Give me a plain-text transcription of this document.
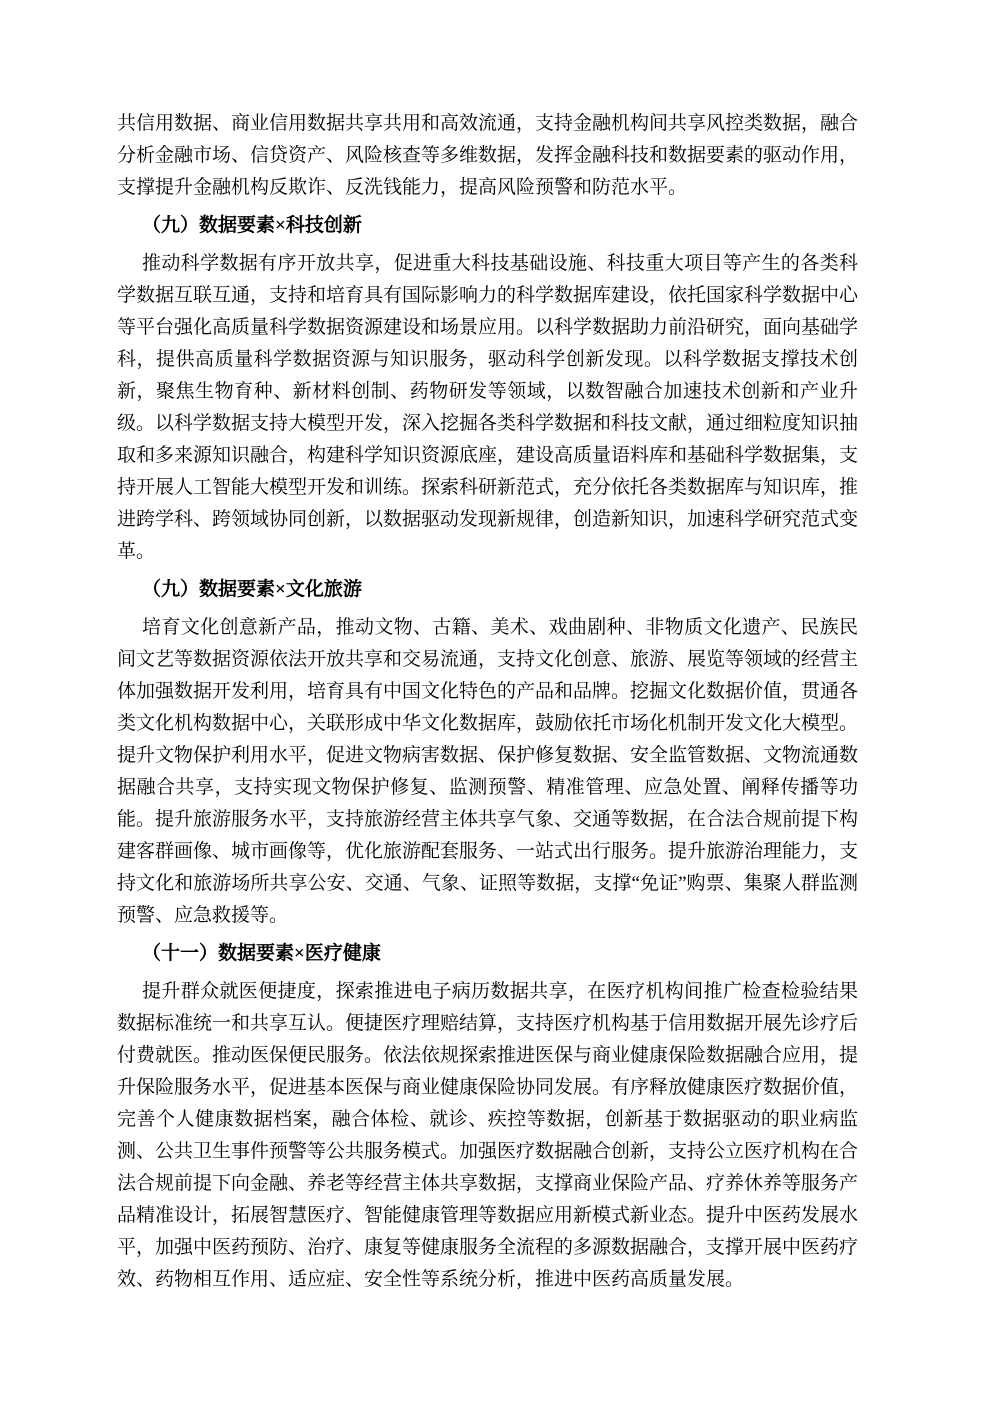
共信用数据、商业信用数据共享共用和高效流通，支持金融机构间共享风控类数据，融合分析金融市场、信贷资产、风险核查等多维数据，发挥金融科技和数据要素的驱动作用，支撑提升金融机构反欺诈、反洗钱能力，提高风险预警和防范水平。

（九）数据要素×科技创新

推动科学数据有序开放共享，促进重大科技基础设施、科技重大项目等产生的各类科学数据互联互通，支持和培育具有国际影响力的科学数据库建设，依托国家科学数据中心等平台强化高质量科学数据资源建设和场景应用。以科学数据助力前沿研究，面向基础学科，提供高质量科学数据资源与知识服务，驱动科学创新发现。以科学数据支撑技术创新，聚焦生物育种、新材料创制、药物研发等领域，以数智融合加速技术创新和产业升级。以科学数据支持大模型开发，深入挖掘各类科学数据和科技文献，通过细粒度知识抽取和多来源知识融合，构建科学知识资源底座，建设高质量语料库和基础科学数据集，支持开展人工智能大模型开发和训练。探索科研新范式，充分依托各类数据库与知识库，推进跨学科、跨领域协同创新，以数据驱动发现新规律，创造新知识，加速科学研究范式变革。

（九）数据要素×文化旅游

培育文化创意新产品，推动文物、古籍、美术、戏曲剧种、非物质文化遗产、民族民间文艺等数据资源依法开放共享和交易流通，支持文化创意、旅游、展览等领域的经营主体加强数据开发利用，培育具有中国文化特色的产品和品牌。挖掘文化数据价值，贯通各类文化机构数据中心，关联形成中华文化数据库，鼓励依托市场化机制开发文化大模型。提升文物保护利用水平，促进文物病害数据、保护修复数据、安全监管数据、文物流通数据融合共享，支持实现文物保护修复、监测预警、精准管理、应急处置、阐释传播等功能。提升旅游服务水平，支持旅游经营主体共享气象、交通等数据，在合法合规前提下构建客群画像、城市画像等，优化旅游配套服务、一站式出行服务。提升旅游治理能力，支持文化和旅游场所共享公安、交通、气象、证照等数据，支撑“免证”购票、集聚人群监测预警、应急救援等。

（十一）数据要素×医疗健康

提升群众就医便捷度，探索推进电子病历数据共享，在医疗机构间推广检查检验结果数据标准统一和共享互认。便捷医疗理赔结算，支持医疗机构基于信用数据开展先诊疗后付费就医。推动医保便民服务。依法依规探索推进医保与商业健康保险数据融合应用，提升保险服务水平，促进基本医保与商业健康保险协同发展。有序释放健康医疗数据价值，完善个人健康数据档案，融合体检、就诊、疾控等数据，创新基于数据驱动的职业病监测、公共卫生事件预警等公共服务模式。加强医疗数据融合创新，支持公立医疗机构在合法合规前提下向金融、养老等经营主体共享数据，支撑商业保险产品、疗养休养等服务产品精准设计，拓展智慧医疗、智能健康管理等数据应用新模式新业态。提升中医药发展水平，加强中医药预防、治疗、康复等健康服务全流程的多源数据融合，支撑开展中医药疗效、药物相互作用、适应症、安全性等系统分析，推进中医药高质量发展。
